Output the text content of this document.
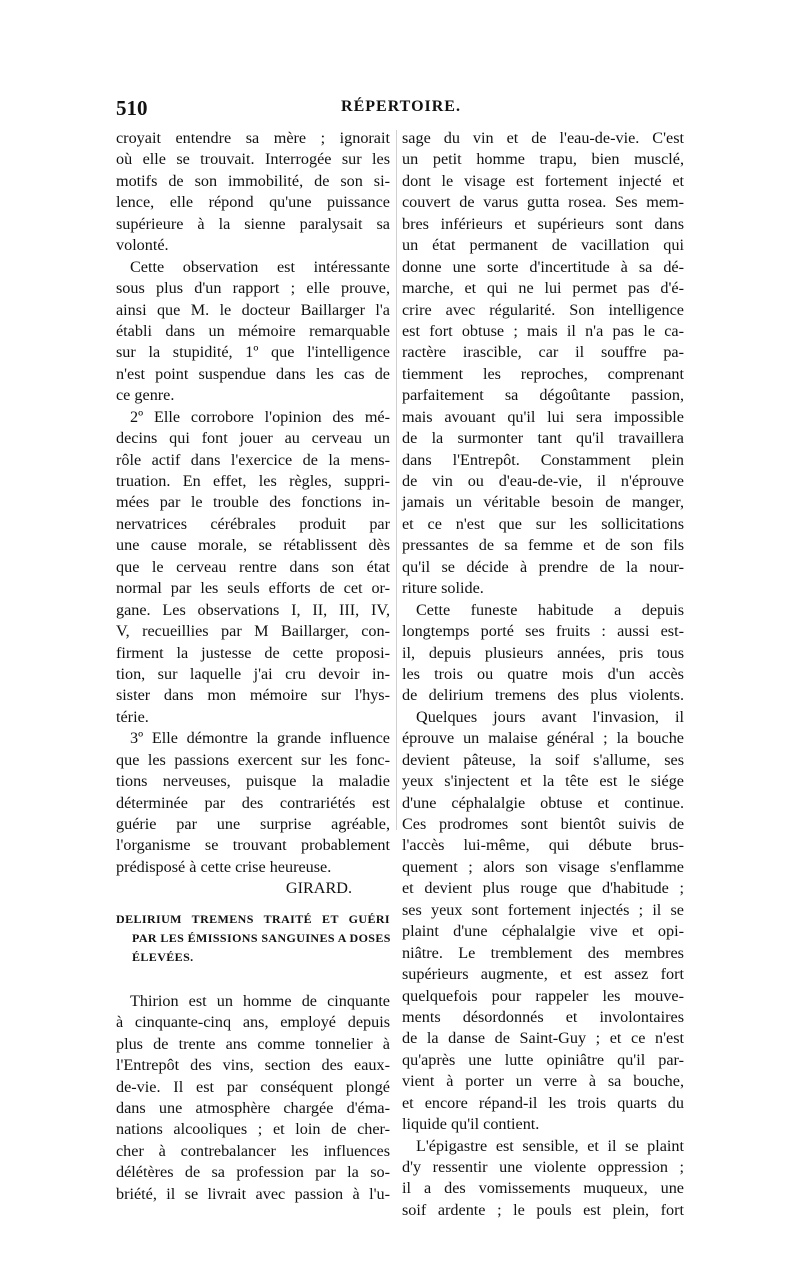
510	RÉPERTOIRE.
croyait entendre sa mère ; ignorait
où elle se trouvait. Interrogée sur les
motifs de son immobilité, de son si-
lence, elle répond qu'une puissance
supérieure à la sienne paralysait sa
volonté.
Cette observation est intéressante
sous plus d'un rapport ; elle prouve,
ainsi que M. le docteur Baillarger l'a
établi dans un mémoire remarquable
sur la stupidité, 1º que l'intelligence
n'est point suspendue dans les cas de
ce genre.
2º Elle corrobore l'opinion des mé-
decins qui font jouer au cerveau un
rôle actif dans l'exercice de la mens-
truation. En effet, les règles, suppri-
mées par le trouble des fonctions in-
nervatrices cérébrales produit par
une cause morale, se rétablissent dès
que le cerveau rentre dans son état
normal par les seuls efforts de cet or-
gane. Les observations I, II, III, IV,
V, recueillies par M Baillarger, con-
firment la justesse de cette proposi-
tion, sur laquelle j'ai cru devoir in-
sister dans mon mémoire sur l'hys-
térie.
3º Elle démontre la grande influence
que les passions exercent sur les fonc-
tions nerveuses, puisque la maladie
déterminée par des contrariétés est
guérie par une surprise agréable,
l'organisme se trouvant probablement
prédisposé à cette crise heureuse.
GIRARD.
DELIRIUM TREMENS TRAITÉ ET GUÉRI
PAR LES ÉMISSIONS SANGUINES A DOSES
ÉLEVÉES.
Thirion est un homme de cinquante
à cinquante-cinq ans, employé depuis
plus de trente ans comme tonnelier à
l'Entrepôt des vins, section des eaux-
de-vie. Il est par conséquent plongé
dans une atmosphère chargée d'éma-
nations alcooliques ; et loin de cher-
cher à contrebalancer les influences
délétères de sa profession par la so-
briété, il se livrait avec passion à l'u-
sage du vin et de l'eau-de-vie. C'est
un petit homme trapu, bien musclé,
dont le visage est fortement injecté et
couvert de varus gutta rosea. Ses mem-
bres inférieurs et supérieurs sont dans
un état permanent de vacillation qui
donne une sorte d'incertitude à sa dé-
marche, et qui ne lui permet pas d'é-
crire avec régularité. Son intelligence
est fort obtuse ; mais il n'a pas le ca-
ractère irascible, car il souffre pa-
tiemment les reproches, comprenant
parfaitement sa dégoûtante passion,
mais avouant qu'il lui sera impossible
de la surmonter tant qu'il travaillera
dans l'Entrepôt. Constamment plein
de vin ou d'eau-de-vie, il n'éprouve
jamais un véritable besoin de manger,
et ce n'est que sur les sollicitations
pressantes de sa femme et de son fils
qu'il se décide à prendre de la nour-
riture solide.
Cette funeste habitude a depuis
longtemps porté ses fruits : aussi est-
il, depuis plusieurs années, pris tous
les trois ou quatre mois d'un accès
de delirium tremens des plus violents.
Quelques jours avant l'invasion, il
éprouve un malaise général ; la bouche
devient pâteuse, la soif s'allume, ses
yeux s'injectent et la tête est le siége
d'une céphalalgie obtuse et continue.
Ces prodromes sont bientôt suivis de
l'accès lui-même, qui débute brus-
quement ; alors son visage s'enflamme
et devient plus rouge que d'habitude ;
ses yeux sont fortement injectés ; il se
plaint d'une céphalalgie vive et opi-
niâtre. Le tremblement des membres
supérieurs augmente, et est assez fort
quelquefois pour rappeler les mouve-
ments désordonnés et involontaires
de la danse de Saint-Guy ; et ce n'est
qu'après une lutte opiniâtre qu'il par-
vient à porter un verre à sa bouche,
et encore répand-il les trois quarts du
liquide qu'il contient.
L'épigastre est sensible, et il se plaint
d'y ressentir une violente oppression ;
il a des vomissements muqueux, une
soif ardente ; le pouls est plein, fort
